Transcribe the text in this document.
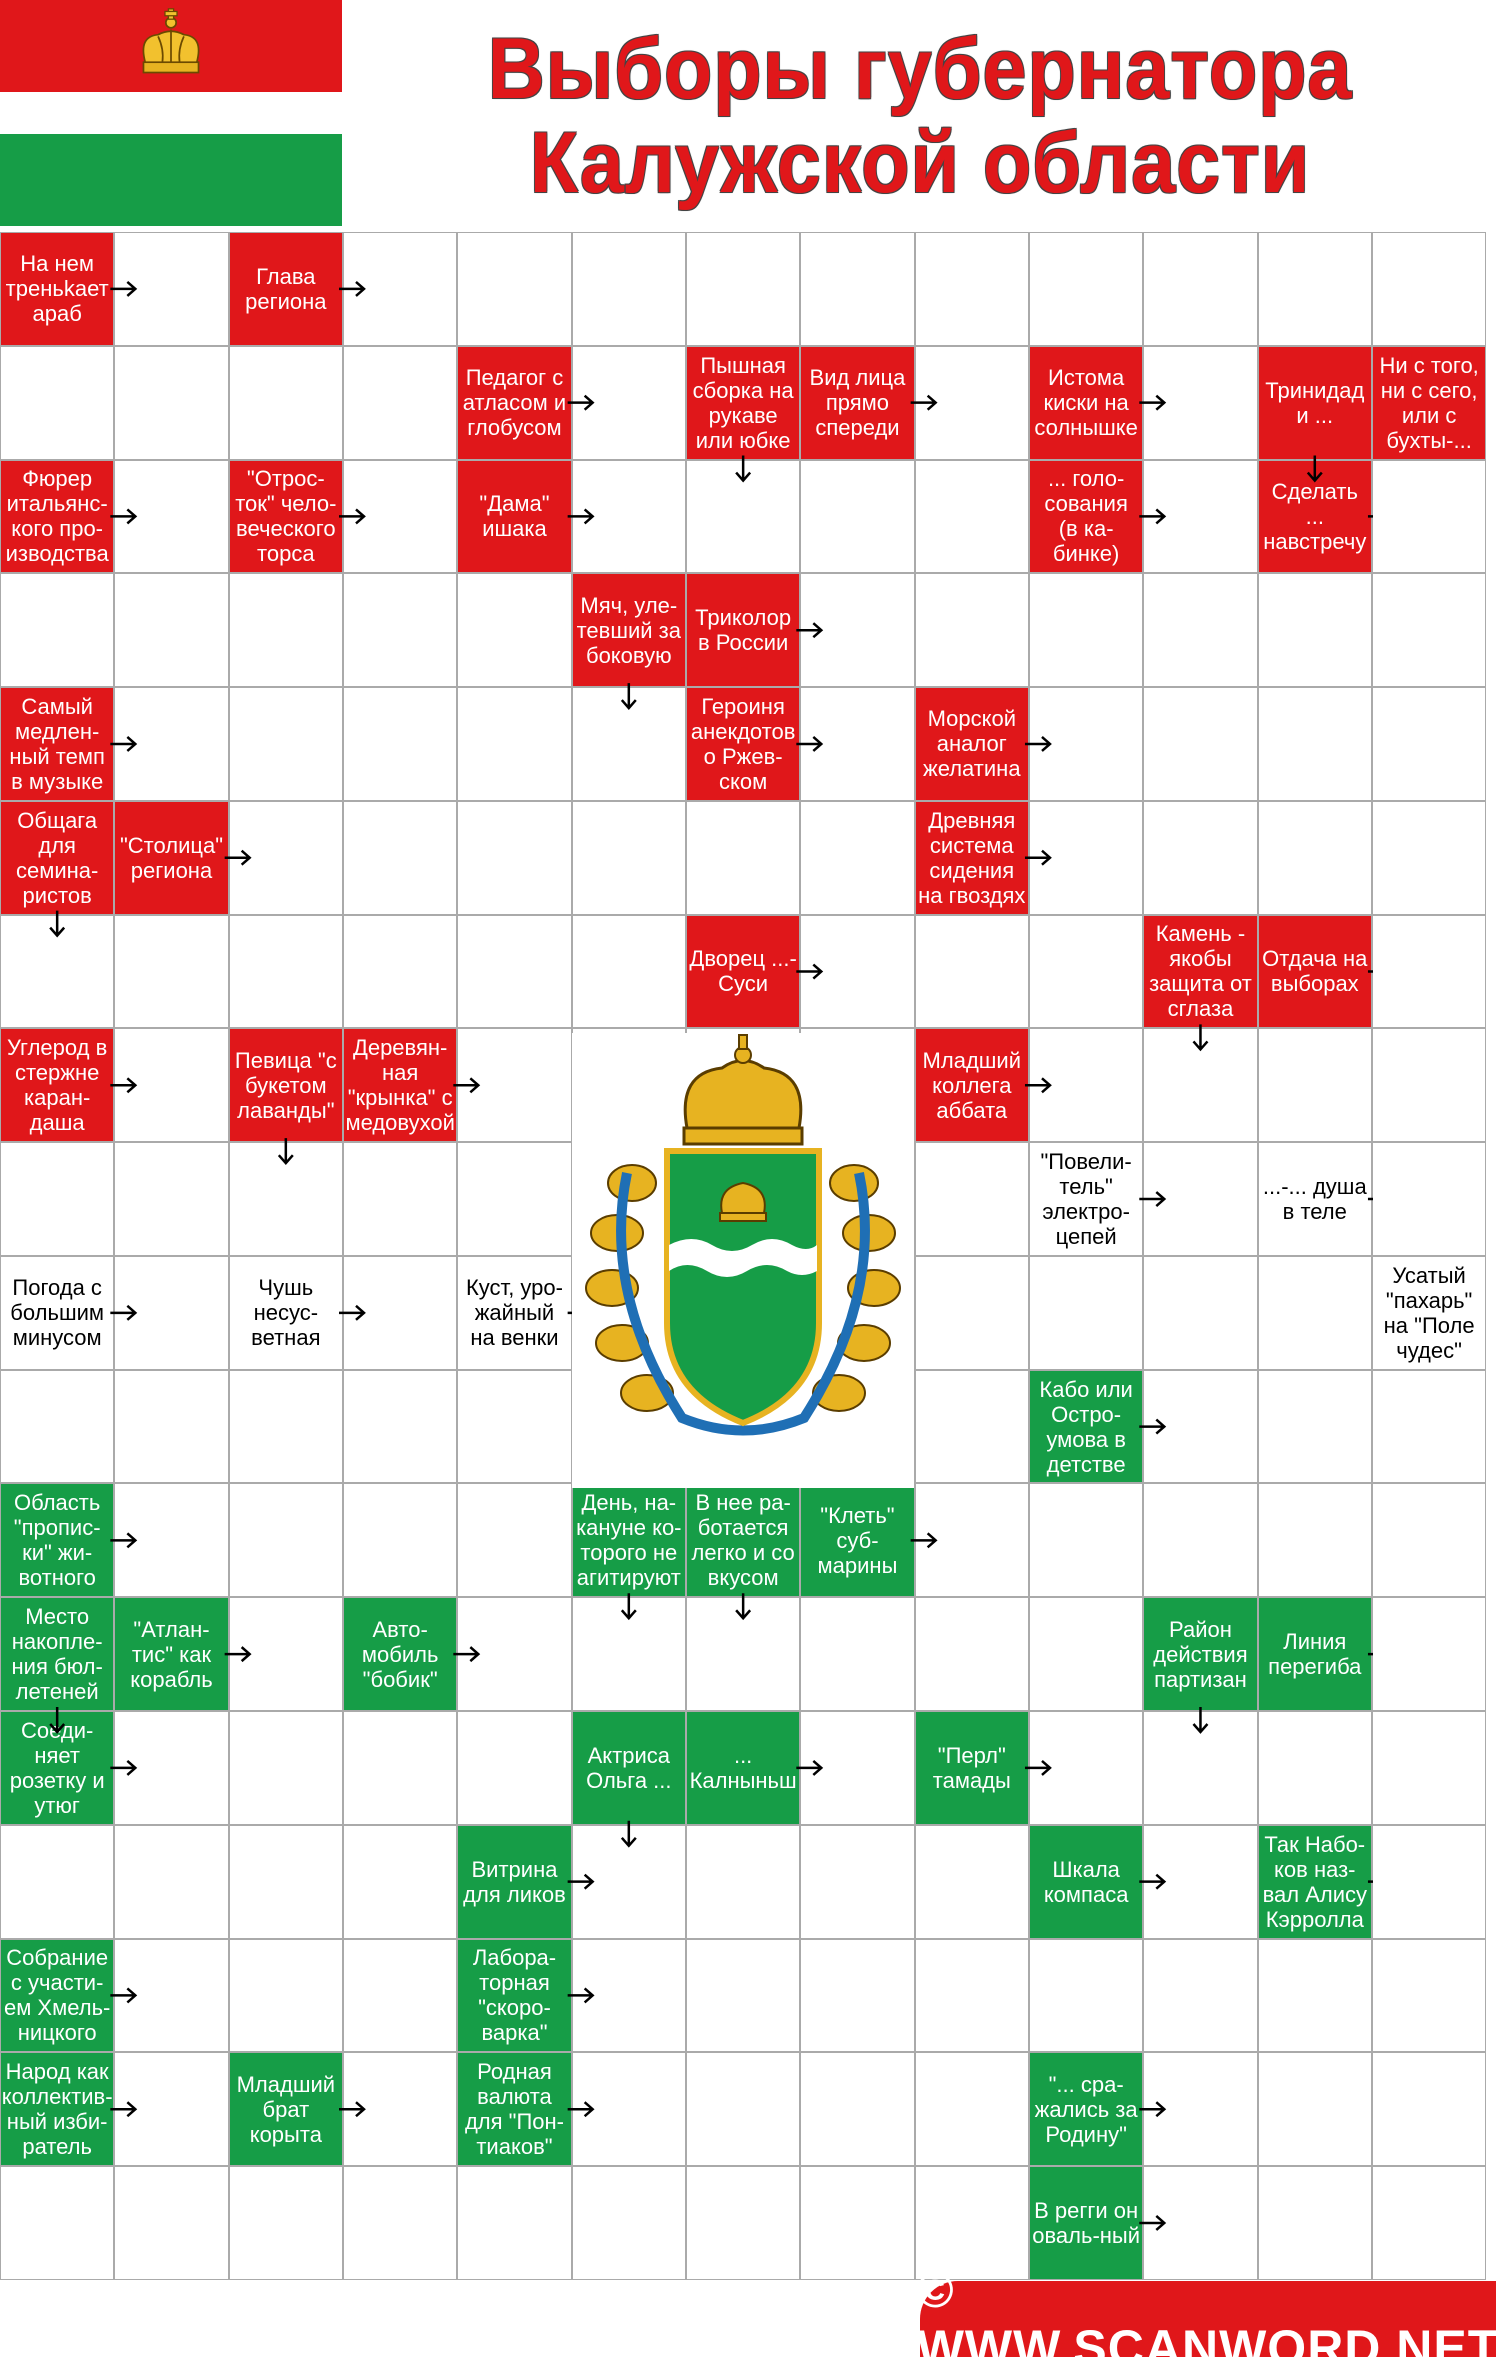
Выборы губернатора
Калужской области
На нем треньkaет араб
Глава региона
Педагог с атласом и глобусом
Пышная сборка на рукаве или юбке
Вид лица прямо спереди
Истома киски на солнышке
Тринидад и ...
Ни с того, ни с сего, или с бухты-...
Фюрер итальянс-кого про-изводства
"Отрос-ток" чело-веческого торса
"Дама" ишака
... голо-сования (в ка-бинке)
Сделать ... навстречу
Мяч, уле-тевший за боковую
Триколор в России
Самый медлен-ный темп в музыке
Героиня анекдотов о Ржев-ском
Морской аналог желатина
Общага для семина-ристов
"Столица" региона
Древняя система сидения на гвоздях
Дворец ...-Суси
Камень - якобы защита от сглаза
Отдача на выборах
Углерод в стержне каран-даша
Певица "с букетом лаванды"
Деревян-ная "крынка" с медовухой
Младший коллега аббата
"Повели-тель" электро-цепей
...-... душа в теле
Погода с большим минусом
Чушь несус-ветная
Куст, уро-жайный на венки
Усатый "пахарь" на "Поле чудес"
Кабо или Остро-умова в детстве
Область "пропис-ки" жи-вотного
День, на-кануне ко-торого не агитируют
В нее ра-ботается легко и со вкусом
"Клеть" суб-марины
Место накопле-ния бюл-летеней
"Атлан-тис" как корабль
Авто-мобиль "бобик"
Район действия партизан
Линия перегиба
Соеди-няет розетку и утюг
Актриса Ольга ...
... Калныньш
"Перл" тамады
Витрина для ликов
Шкала компаса
Так Набо-ков наз-вал Алису Кэрролла
Собрание с участи-ем Хмель-ницкого
Лабора-торная "скоро-варка"
Народ как коллектив-ный изби-ратель
Младший брат корыта
Родная валюта для "Пон-тиаков"
"... сра-жались за Родину"
В регги он оваль-ный
© WWW.SCANWORD.NET
